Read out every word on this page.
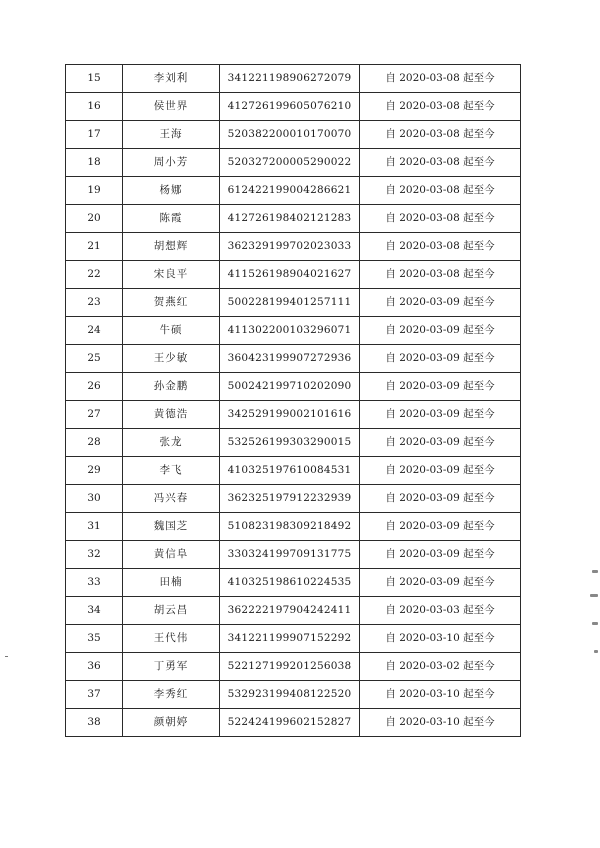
15	李刘利	341221198906272079	自 2020-03-08 起至今
16	侯世界	412726199605076210	自 2020-03-08 起至今
17	王海	520382200010170070	自 2020-03-08 起至今
18	周小芳	520327200005290022	自 2020-03-08 起至今
19	杨娜	612422199004286621	自 2020-03-08 起至今
20	陈霞	412726198402121283	自 2020-03-08 起至今
21	胡想辉	362329199702023033	自 2020-03-08 起至今
22	宋良平	411526198904021627	自 2020-03-08 起至今
23	贺燕红	500228199401257111	自 2020-03-09 起至今
24	牛硕	411302200103296071	自 2020-03-09 起至今
25	王少敏	360423199907272936	自 2020-03-09 起至今
26	孙金鹏	500242199710202090	自 2020-03-09 起至今
27	黄德浩	342529199002101616	自 2020-03-09 起至今
28	张龙	532526199303290015	自 2020-03-09 起至今
29	李飞	410325197610084531	自 2020-03-09 起至今
30	冯兴春	362325197912232939	自 2020-03-09 起至今
31	魏国芝	510823198309218492	自 2020-03-09 起至今
32	黄信阜	330324199709131775	自 2020-03-09 起至今
33	田楠	410325198610224535	自 2020-03-09 起至今
34	胡云昌	362222197904242411	自 2020-03-03 起至今
35	王代伟	341221199907152292	自 2020-03-10 起至今
36	丁勇军	522127199201256038	自 2020-03-02 起至今
37	李秀红	532923199408122520	自 2020-03-10 起至今
38	颜朝婷	522424199602152827	自 2020-03-10 起至今
